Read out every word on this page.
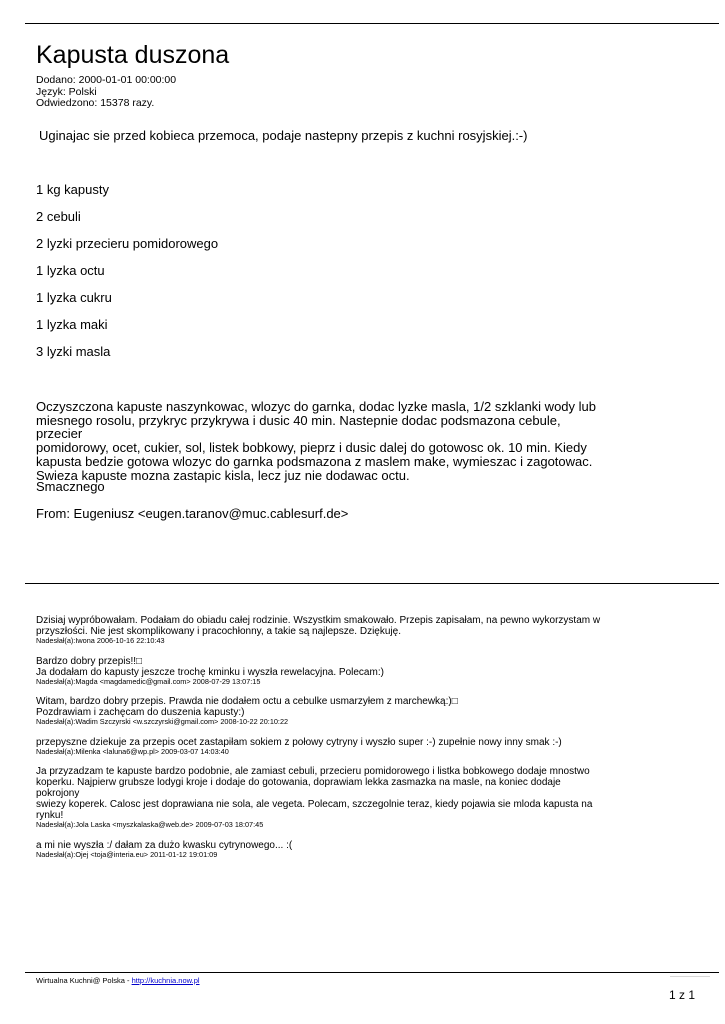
Kapusta duszona
Dodano: 2000-01-01 00:00:00
Język: Polski
Odwiedzono: 15378 razy.
Uginajac sie przed kobieca przemoca, podaje nastepny przepis z kuchni rosyjskiej.:-)
1 kg kapusty
2 cebuli
2 lyzki przecieru pomidorowego
1 lyzka octu
1 lyzka cukru
1 lyzka maki
3 lyzki masla
Oczyszczona kapuste naszynkowac, wlozyc do garnka, dodac lyzke masla, 1/2 szklanki wody lub
miesnego rosolu, przykryc przykrywa i dusic 40 min. Nastepnie dodac podsmazona cebule, przecier
pomidorowy, ocet, cukier, sol, listek bobkowy, pieprz i dusic dalej do gotowosc ok. 10 min. Kiedy
kapusta bedzie gotowa wlozyc do garnka podsmazona z maslem make, wymieszac i zagotowac.
Swieza kapuste mozna zastapic kisla, lecz juz nie dodawac octu.
Smacznego
From: Eugeniusz <eugen.taranov@muc.cablesurf.de>
Dzisiaj wypróbowałam. Podałam do obiadu całej rodzinie. Wszystkim smakowało. Przepis zapisałam, na pewno wykorzystam w
przyszłości. Nie jest skomplikowany i pracochłonny, a takie są najlepsze. Dziękuję.
Nadesłał(a):Iwona 2006-10-16 22:10:43
Bardzo dobry przepis!!□
Ja dodałam do kapusty jeszcze trochę kminku i wyszła rewelacyjna. Polecam:)
Nadesłał(a):Magda <magdamedic@gmail.com> 2008-07-29 13:07:15
Witam, bardzo dobry przepis. Prawda nie dodałem octu a cebulke usmarzyłem z marchewką:)□
Pozdrawiam i zachęcam do duszenia kapusty:)
Nadesłał(a):Wadim Szczyrski <w.szczyrski@gmail.com> 2008-10-22 20:10:22
przepyszne dziekuje za przepis ocet zastapiłam sokiem z połowy cytryny i wyszło super :-) zupełnie nowy inny smak :-)
Nadesłał(a):Milenka <laluna6@wp.pl> 2009-03-07 14:03:40
Ja przyzadzam te kapuste bardzo podobnie, ale zamiast cebuli, przecieru pomidorowego i listka bobkowego dodaje mnostwo
koperku. Najpierw grubsze lodygi kroje i dodaje do gotowania, doprawiam lekka zasmazka na masle, na koniec dodaje pokrojony
swiezy koperek. Calosc jest doprawiana nie sola, ale vegeta. Polecam, szczegolnie teraz, kiedy pojawia sie mloda kapusta na
rynku!
Nadesłał(a):Jola Laska <myszkalaska@web.de> 2009-07-03 18:07:45
a mi nie wyszła :/ dałam za dużo kwasku cytrynowego... :(
Nadesłał(a):Ojej <toja@interia.eu> 2011-01-12 19:01:09
Wirtualna Kuchni@ Polska - http://kuchnia.now.pl
1 z 1
